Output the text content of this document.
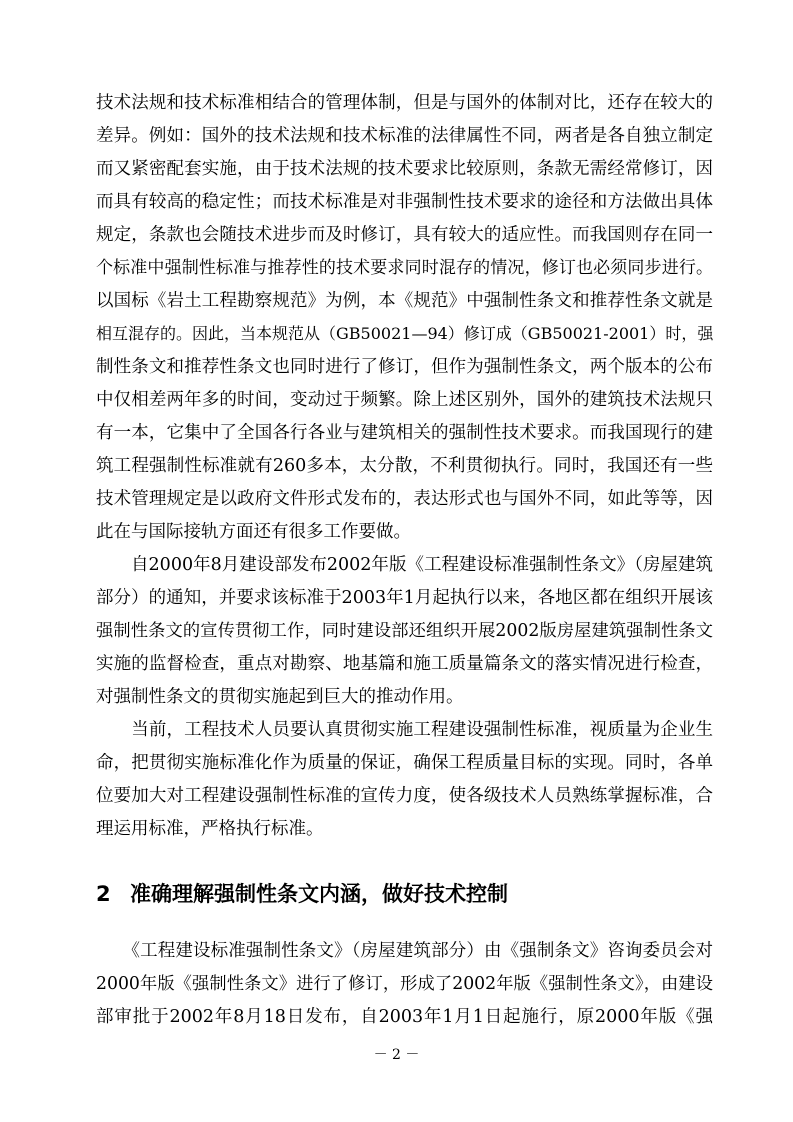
技术法规和技术标准相结合的管理体制，但是与国外的体制对比，还存在较大的
差异。例如：国外的技术法规和技术标准的法律属性不同，两者是各自独立制定
而又紧密配套实施，由于技术法规的技术要求比较原则，条款无需经常修订，因
而具有较高的稳定性；而技术标准是对非强制性技术要求的途径和方法做出具体
规定，条款也会随技术进步而及时修订，具有较大的适应性。而我国则存在同一
个标准中强制性标准与推荐性的技术要求同时混存的情况，修订也必须同步进行。
以国标《岩土工程勘察规范》为例，本《规范》中强制性条文和推荐性条文就是
相互混存的。因此，当本规范从（GB50021—94）修订成（GB50021-2001）时，强
制性条文和推荐性条文也同时进行了修订，但作为强制性条文，两个版本的公布
中仅相差两年多的时间，变动过于频繁。除上述区别外，国外的建筑技术法规只
有一本，它集中了全国各行各业与建筑相关的强制性技术要求。而我国现行的建
筑工程强制性标准就有260多本，太分散，不利贯彻执行。同时，我国还有一些
技术管理规定是以政府文件形式发布的，表达形式也与国外不同，如此等等，因
此在与国际接轨方面还有很多工作要做。
　　自2000年8月建设部发布2002年版《工程建设标准强制性条文》（房屋建筑
部分）的通知，并要求该标准于2003年1月起执行以来，各地区都在组织开展该
强制性条文的宣传贯彻工作，同时建设部还组织开展2002版房屋建筑强制性条文
实施的监督检查，重点对勘察、地基篇和施工质量篇条文的落实情况进行检查，
对强制性条文的贯彻实施起到巨大的推动作用。
　　当前，工程技术人员要认真贯彻实施工程建设强制性标准，视质量为企业生
命，把贯彻实施标准化作为质量的保证，确保工程质量目标的实现。同时，各单
位要加大对工程建设强制性标准的宣传力度，使各级技术人员熟练掌握标准，合
理运用标准，严格执行标准。
2 准确理解强制性条文内涵，做好技术控制
　　《工程建设标准强制性条文》（房屋建筑部分）由《强制条文》咨询委员会对
2000年版《强制性条文》进行了修订，形成了2002年版《强制性条文》，由建设
部审批于2002年8月18日发布，自2003年1月1日起施行，原2000年版《强
－ 2 －
